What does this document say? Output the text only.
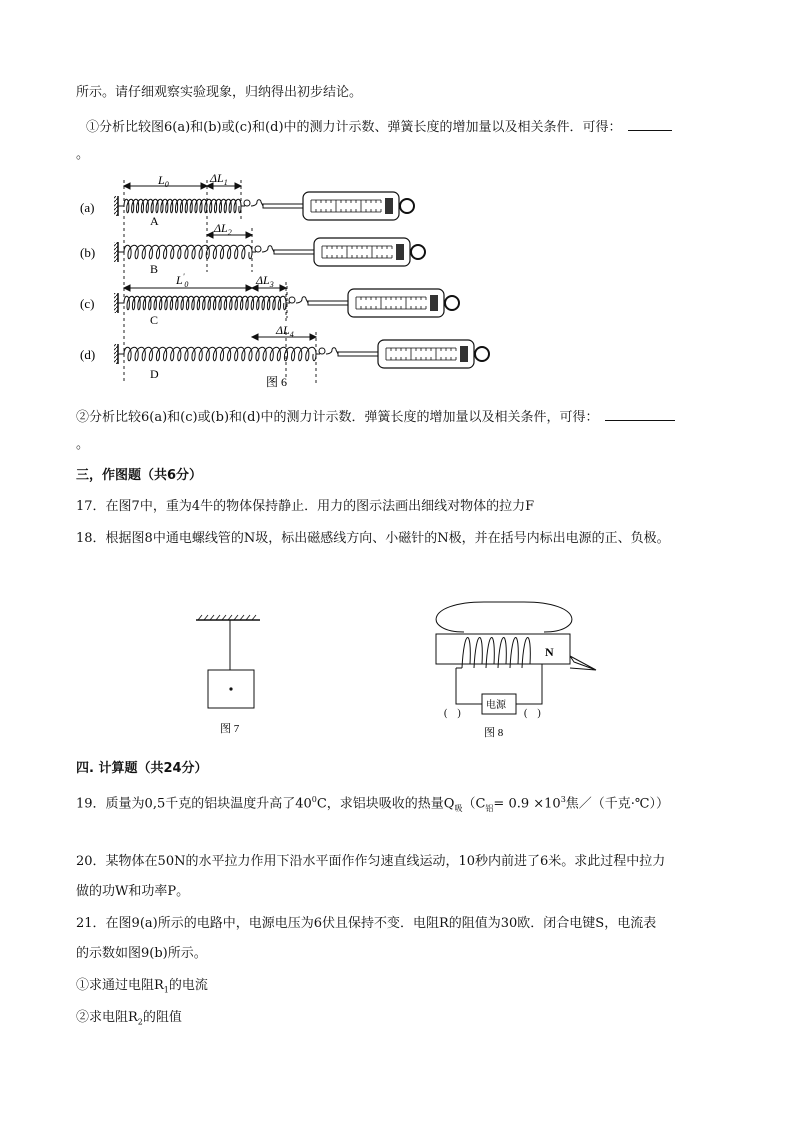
所示。请仔细观察实验现象，归纳得出初步结论。
①分析比较图6(a)和(b)或(c)和(d)中的测力计示数、弹簧长度的增加量以及相关条件．可得：
。
(a)
(b)
(c)
(d)
$L_0$	$\Delta L_1$
$\Delta L_2$
$L'_0$	$\Delta L_3$
$\Delta L_4$
A
B
C
D
图 6
②分析比较6(a)和(c)或(b)和(d)中的测力计示数．弹簧长度的增加量以及相关条件，可得：
。
三，作图题（共6分）
17．在图7中，重为4牛的物体保持静止．用力的图示法画出细线对物体的拉力F
18．根据图8中通电螺线管的N圾，标出磁感线方向、小磁针的N极，并在括号内标出电源的正、负极。
图 7
N
电源
(　)	(　)
图 8
四. 计算题（共24分）
19．质量为0,5千克的铝块温度升高了$40^0C$，求铝块吸收的热量$Q_吸(C_铝= 0.9 \times 10^3$焦／（千克·℃））
20．某物体在50N的水平拉力作用下沿水平面作作匀速直线运动，10秒内前进了6米。求此过程中拉力
做的功W和功率P。
21．在图9(a)所示的电路中，电源电压为6伏且保持不变．电阻R的阻值为30欧．闭合电键S，电流表
的示数如图9(b)所示。
①求通过电阻$R_1$的电流
②求电阻$R_2$的阻值
